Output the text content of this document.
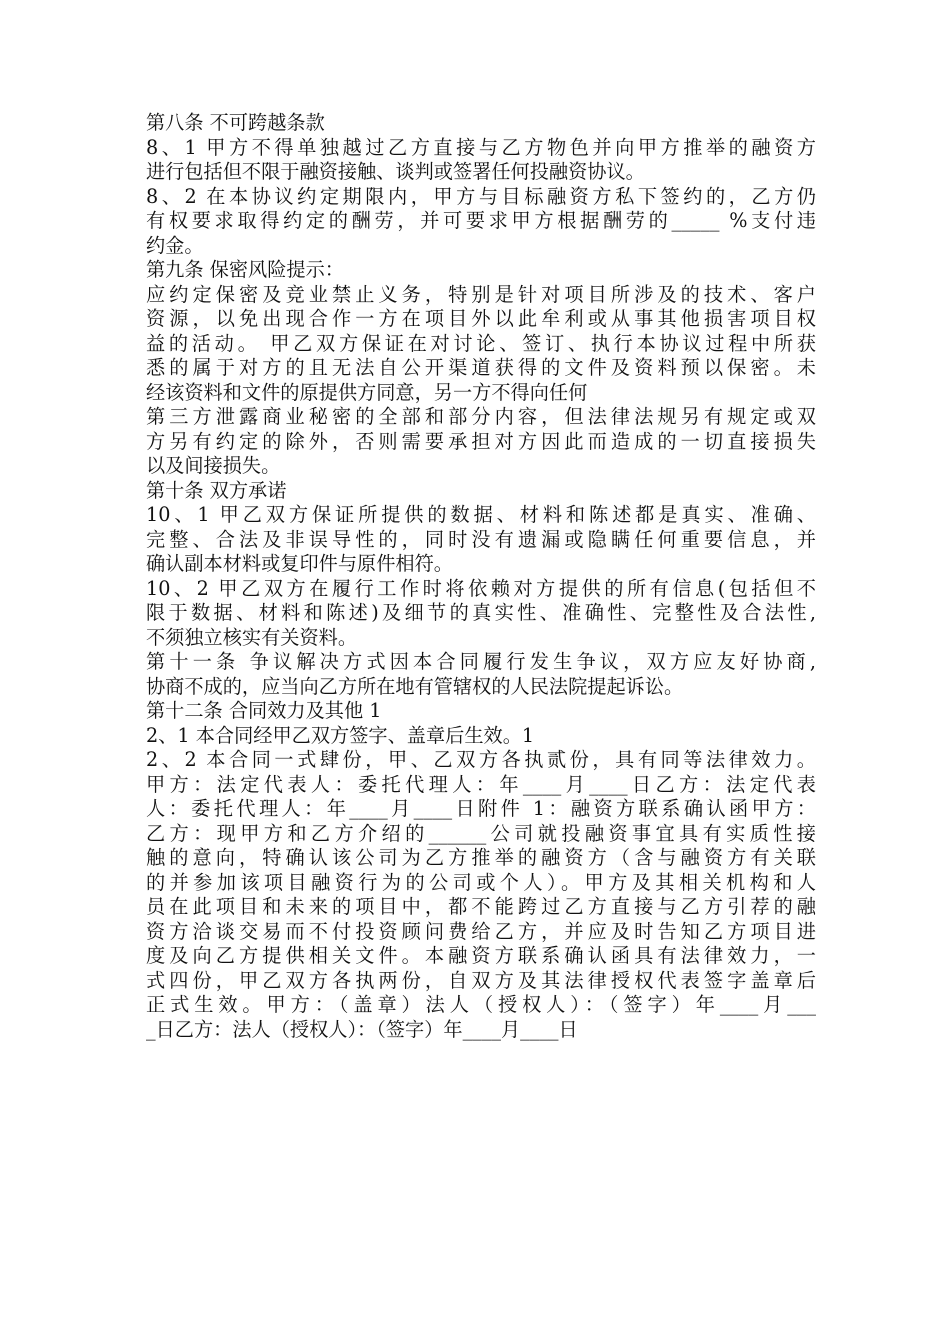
第八条 不可跨越条款
8、1 甲方不得单独越过乙方直接与乙方物色并向甲方推举的融资方
进行包括但不限于融资接触、谈判或签署任何投融资协议。
8、2 在本协议约定期限内，甲方与目标融资方私下签约的，乙方仍
有权要求取得约定的酬劳，并可要求甲方根据酬劳的_____ %支付违
约金。
第九条 保密风险提示：
应约定保密及竞业禁止义务，特别是针对项目所涉及的技术、客户
资源，以免出现合作一方在项目外以此牟利或从事其他损害项目权
益的活动。 甲乙双方保证在对讨论、签订、执行本协议过程中所获
悉的属于对方的且无法自公开渠道获得的文件及资料预以保密。未
经该资料和文件的原提供方同意，另一方不得向任何
第三方泄露商业秘密的全部和部分内容，但法律法规另有规定或双
方另有约定的除外，否则需要承担对方因此而造成的一切直接损失
以及间接损失。
第十条 双方承诺
10、1 甲乙双方保证所提供的数据、材料和陈述都是真实、准确、
完整、合法及非误导性的，同时没有遗漏或隐瞒任何重要信息，并
确认副本材料或复印件与原件相符。
10、2 甲乙双方在履行工作时将依赖对方提供的所有信息(包括但不
限于数据、材料和陈述)及细节的真实性、准确性、完整性及合法性,
不须独立核实有关资料。
第十一条 争议解决方式因本合同履行发生争议，双方应友好协商,
协商不成的，应当向乙方所在地有管辖权的人民法院提起诉讼。
第十二条 合同效力及其他 1
2、1 本合同经甲乙双方签字、盖章后生效。1
2、2 本合同一式肆份，甲、乙双方各执贰份，具有同等法律效力。
甲方：法定代表人：委托代理人：年____月____日乙方：法定代表
人：委托代理人：年____月____日附件 1：融资方联系确认函甲方：
乙方：现甲方和乙方介绍的______公司就投融资事宜具有实质性接
触的意向，特确认该公司为乙方推举的融资方（含与融资方有关联
的并参加该项目融资行为的公司或个人）。甲方及其相关机构和人
员在此项目和未来的项目中，都不能跨过乙方直接与乙方引荐的融
资方洽谈交易而不付投资顾问费给乙方，并应及时告知乙方项目进
度及向乙方提供相关文件。本融资方联系确认函具有法律效力，一
式四份，甲乙双方各执两份，自双方及其法律授权代表签字盖章后
正式生效。甲方：（盖章）法人（授权人）：（签字）年____月___
_日乙方：法人（授权人）：（签字）年____月____日
